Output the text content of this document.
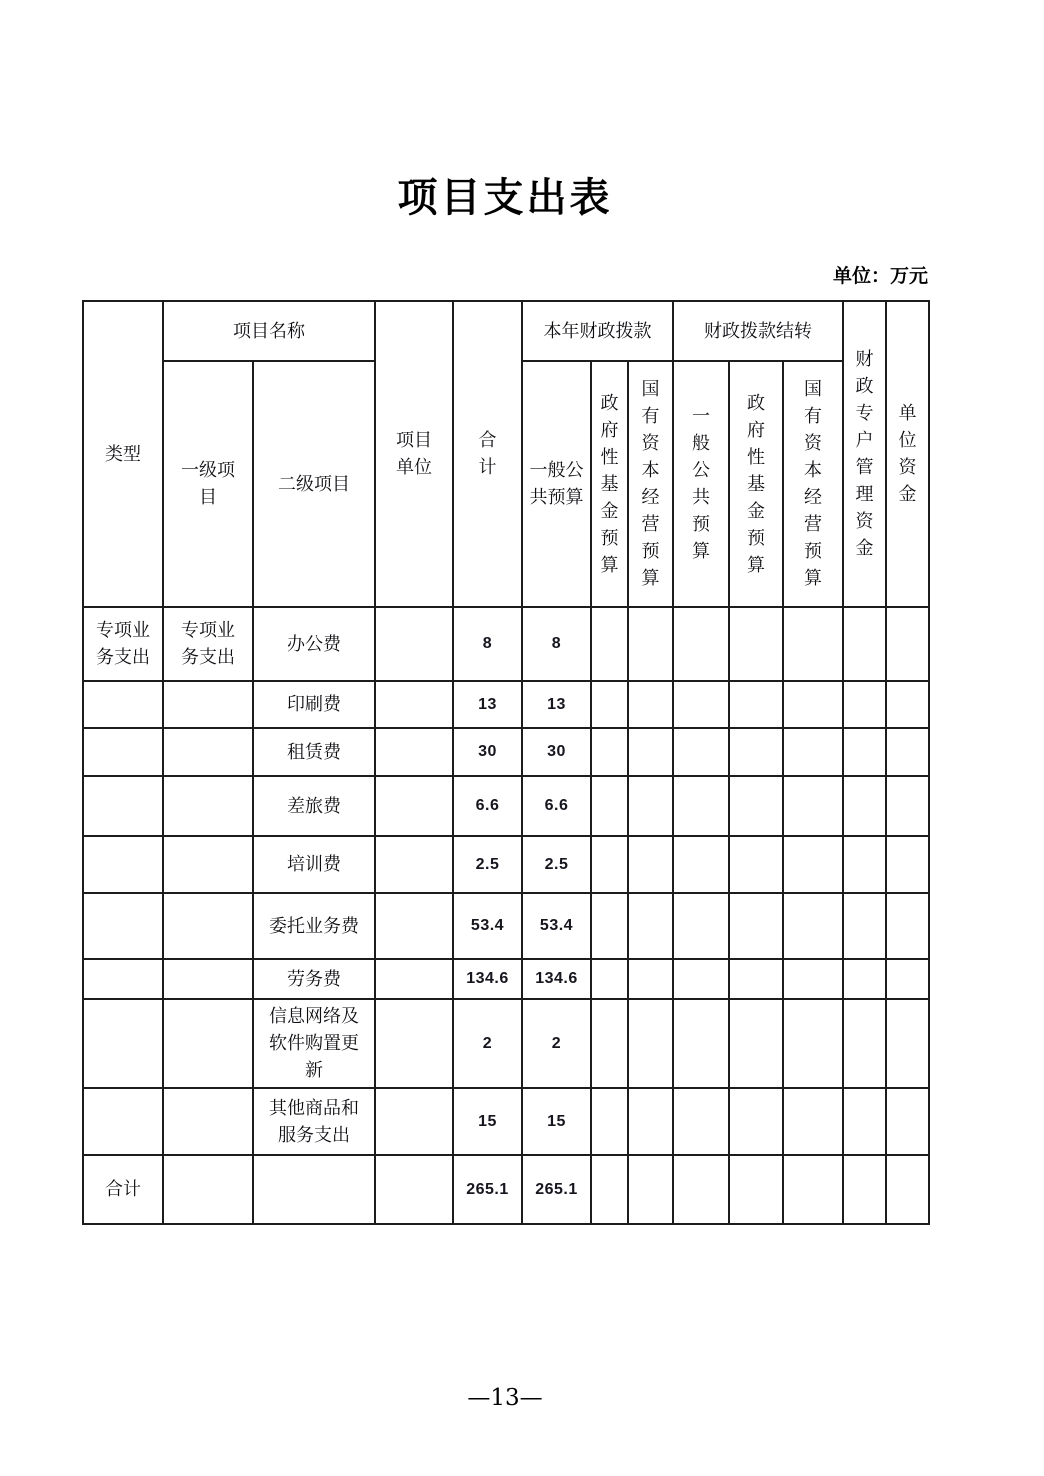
项目支出表
单位：万元
类型	项目名称		项目单位	合计	本年财政拨款			财政拨款结转			财政专户管理资金	单位资金
	一级项目	二级项目			一般公共预算	政府性基金预算	国有资本经营预算	一般公共预算	政府性基金预算	国有资本经营预算		
专项业务支出	专项业务支出	办公费		8	8							
		印刷费		13	13							
		租赁费		30	30							
		差旅费		6.6	6.6							
		培训费		2.5	2.5							
		委托业务费		53.4	53.4							
		劳务费		134.6	134.6							
		信息网络及软件购置更新		2	2							
		其他商品和服务支出		15	15							
合计				265.1	265.1							
—13—
